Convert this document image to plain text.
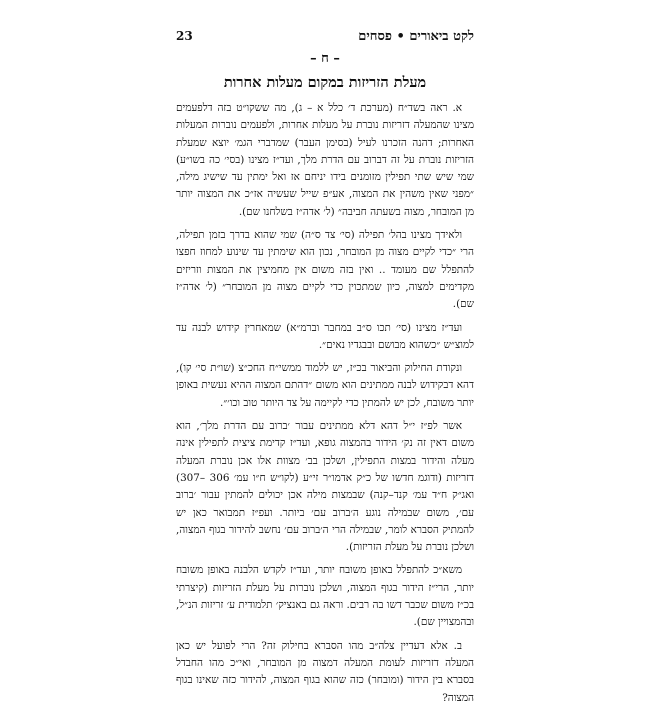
23	לקט ביאורים • פסחים
– ח –
מעלת הזריזות במקום מעלות אחרות

א. ראה בשד״ח (מערכת ד׳ כלל א – ג), מה ששקו״ט בזה דלפעמים מצינו שהמעלה דזריזות נוברת על מעלות אחרות, ולפעמים נוברות המעלות האחרות; דהנה הזכרנו לעיל (בסימן העבר) שמדברי הגמ׳ יוצא שמעלת הזריזות נוברת על זה דברוב עם הדרת מלך, ועד״ז מצינו (בסי׳ כה בשו״ע) שמי שיש שתי תפילין מזומנים בידו יניחם אז ואל ימתין עד שישיג מילה, ״מפני שאין משהין את המצוה, אע״פ שייל שעשיה אז״כ את המצוה יותר מן המובחר, מצוה בשעתה חביבה״ (ל׳ אדה״ז בשלחנו שם).

ולאידך מצינו בהל׳ תפילה (סי׳ צד ס״ה) שמי שהוא בדרך בזמן תפילה, הרי ״כדי לקיים מצוה מן המובחר, נכון הוא שימתין עד שינוע למחוז חפצו להתפלל שם מעומד .. ואין בזה משום אין מחמיצין את המצות וזריזים מקדימים למצוה, כיון שמתכוין כדי לקיים מצוה מן המובחר״ (ל׳ אדה״ז שם).

ועד״ז מצינו (סי׳ תכו ס״ב במחבר וברמ״א) שמאחרין קידוש לבנה עד למוצ״ש ״כשהוא מבושם ובבגדיו נאים״.

ונקודת החילוק והביאור בכ״ז, יש ללמוד ממשי״ח החכ״צ (שו״ת סי׳ קו), דהא דבקידוש לבנה ממתינים הוא משום ״דהתם המצוה ההיא נעשית באופן יותר משובח, לכן יש להמתין כדי לקיימה על צד היותר טוב וכו׳״.

אשר לפ״ז י״ל דהא דלא ממתינים עבור ׳ברוב עם הדרת מלך׳, הוא משום דאין זה נק׳ הידור בהמצוה גופא, ועד״ז קדימת ציצית לתפילין אינה מעלה והידור במצות התפילין, ושלכן בב׳ מצוות אלו אכן נוברת המעלה דזריזות (ודוגמ חדשו של כ״ק אדמו״ר זי״ע (לקו״ש ח״ו עמ׳ 306 –307) ואג״ק ח״ד עמ׳ קנד–קנה) שבמצות מילה אכן יכולים להמתין עבור ׳ברוב עם׳, משום שבמילה נוגע ה׳ברוב עם׳ ביותר. ועפ״ז תמבואר כאן יש להמתיק הסברא לומר, שבמילה הרי ה׳ברוב עם׳ נחשב להידור בגוף המצוה, ושלכן נוברת על מעלת הזריזות).

משא״כ להתפלל באופן משובח יותר, ועד״ז לקדש הלבנה באופן משובח יותר, הרי״ז הידור בגוף המצוה, ושלכן נוברות על מעלת הזריזות (קיצרתי בכ״ז משום שכבר דשו בה רבים. וראה גם באנציק׳ תלמודית ע׳ זריזות הנ״ל, ובהמצויין שם).

ב. אלא דעדיין צלה״ב מהו הסברא בחילוק זה? הרי לפועל יש כאן המעלה דזריזות לעומת המעלה דמצוה מן המובחר, ואי״כ מהו החבדל בסברא בין הידור (ומובחר) כזה שהוא בגוף המצוה, להידור כזה שאינו בגוף המצוה?
